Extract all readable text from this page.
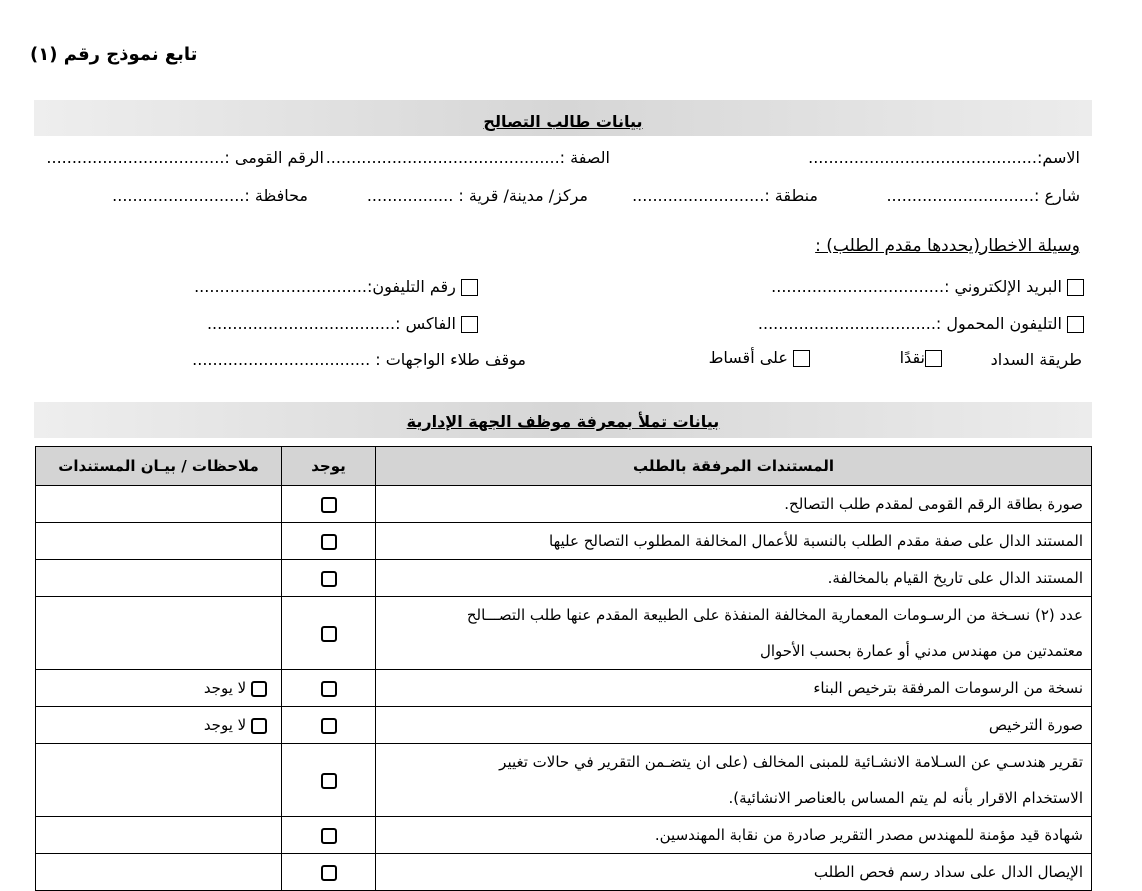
تابع نموذج رقم (١)
بيانات طالب التصالح
الاسم:.............................................
الصفة :..............................................
الرقم القومى :...................................
شارع :.............................
منطقة :..........................
مركز/ مدينة/ قرية : .................
محافظة :..........................
وسيلة الاخطار(يحددها مقدم الطلب) :
البريد الإلكتروني :..................................
رقم التليفون:..................................
التليفون المحمول :...................................
الفاكس :.....................................
طريقة السداد
نقدًا
على أقساط
موقف طلاء الواجهات : ...................................
بيانات تملأ بمعرفة موظف الجهة الإدارية
المستندات المرفقة بالطلب	يوجد	ملاحظات / بيـان المستندات
صورة بطاقة الرقم القومى لمقدم طلب التصالح.		
المستند الدال على صفة مقدم الطلب بالنسبة للأعمال المخالفة المطلوب التصالح عليها		
المستند الدال على تاريخ القيام بالمخالفة.		

عدد (٢) نسـخة من الرسـومات المعمارية المخالفة المنفذة على الطبيعة المقدم عنها طلب التصـــالح
معتمدتين من مهندس مدني أو عمارة بحسب الأحوال		

نسخة من الرسومات المرفقة بترخيص البناء		لا يوجد
صورة الترخيص		لا يوجد

تقرير هندسـي عن السـلامة الانشـائية للمبنى المخالف (على ان يتضـمن التقرير في حالات تغيير
الاستخدام الاقرار بأنه لم يتم المساس بالعناصر الانشائية).		

شهادة قيد مؤمنة للمهندس مصدر التقرير صادرة من نقابة المهندسين.		
الإيصال الدال على سداد رسم فحص الطلب		
